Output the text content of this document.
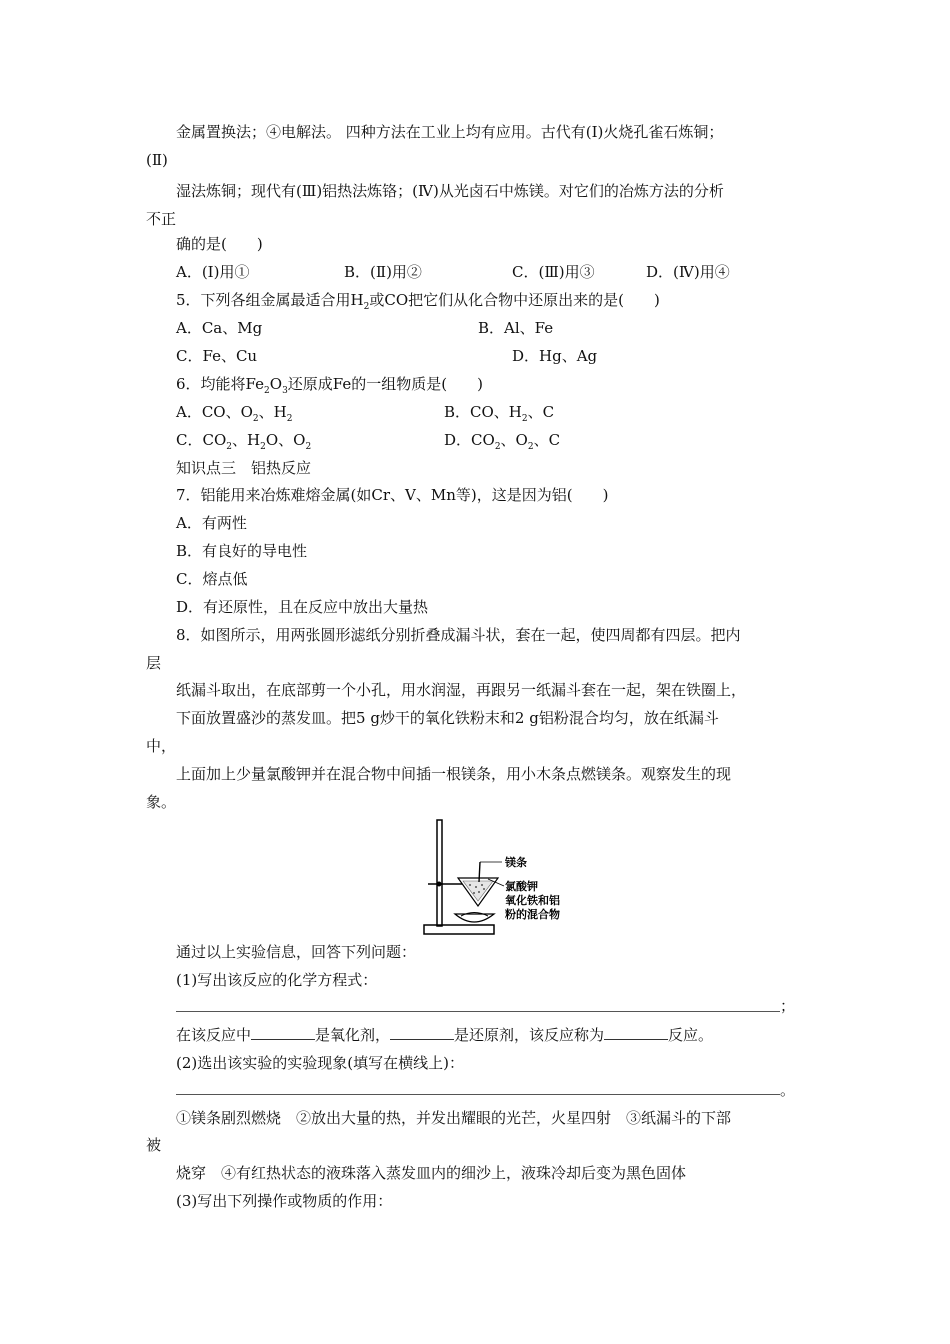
金属置换法；④电解法。 四种方法在工业上均有应用。古代有(Ⅰ)火烧孔雀石炼铜；
(Ⅱ)
湿法炼铜；现代有(Ⅲ)铝热法炼铬；(Ⅳ)从光卤石中炼镁。对它们的冶炼方法的分析
不正
确的是(　　)
A．(Ⅰ)用①	B．(Ⅱ)用②	C．(Ⅲ)用③	D．(Ⅳ)用④
5．下列各组金属最适合用$H_2$或CO把它们从化合物中还原出来的是(　　)
A．Ca、Mg	B．Al、Fe
C．Fe、Cu	D．Hg、Ag
6．均能将$Fe_2O_3$还原成Fe的一组物质是(　　)
A．CO、$O_2$、$H_2$	B．CO、$H_2$、C
C．$CO_2$、$H_2O$、$O_2$	D．$CO_2$、$O_2$、C
知识点三　铝热反应
7．铝能用来冶炼难熔金属(如Cr、V、Mn等)，这是因为铝(　　)
A．有两性
B．有良好的导电性
C．熔点低
D．有还原性，且在反应中放出大量热
8．如图所示，用两张圆形滤纸分别折叠成漏斗状，套在一起，使四周都有四层。把内
层
纸漏斗取出，在底部剪一个小孔，用水润湿，再跟另一纸漏斗套在一起，架在铁圈上，
下面放置盛沙的蒸发皿。把5 g炒干的氧化铁粉末和2 g铝粉混合均匀，放在纸漏斗
中，
上面加上少量氯酸钾并在混合物中间插一根镁条，用小木条点燃镁条。观察发生的现
象。
镁条
氯酸钾
氧化铁和铝
粉的混合物
通过以上实验信息，回答下列问题：
(1)写出该反应的化学方程式：
；
在该反应中	是氧化剂，	是还原剂，该反应称为	反应。
(2)选出该实验的实验现象(填写在横线上)：
。
①镁条剧烈燃烧　②放出大量的热，并发出耀眼的光芒，火星四射　③纸漏斗的下部
被
烧穿　④有红热状态的液珠落入蒸发皿内的细沙上，液珠冷却后变为黑色固体
(3)写出下列操作或物质的作用：
